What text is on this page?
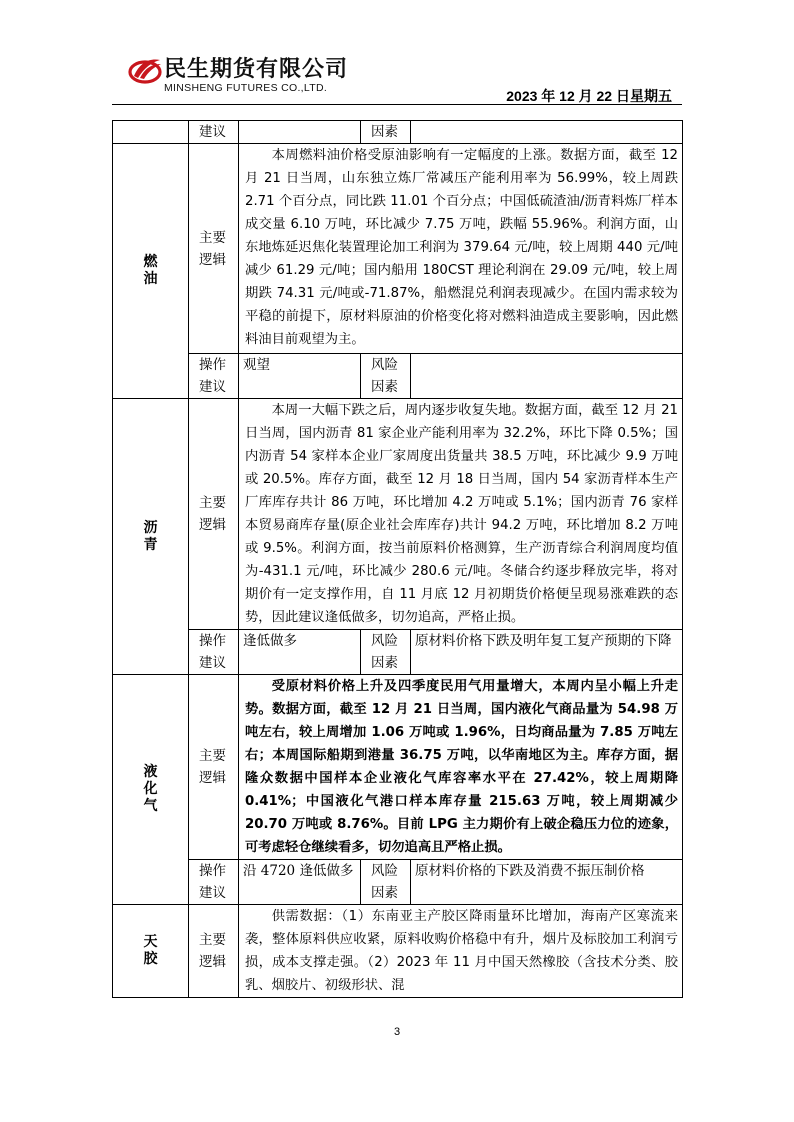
民生期货有限公司
MINSHENG FUTURES CO.,LTD.	2023 年 12 月 22 日星期五
	建议		因素	
燃油	主要逻辑	本周燃料油价格受原油影响有一定幅度的上涨。数据方面，截至 12 月 21 日当周，山东独立炼厂常减压产能利用率为 56.99%，较上周跌 2.71 个百分点，同比跌 11.01 个百分点；中国低硫渣油/沥青料炼厂样本成交量 6.10 万吨，环比减少 7.75 万吨，跌幅 55.96%。利润方面，山东地炼延迟焦化装置理论加工利润为 379.64 元/吨，较上周期 440 元/吨减少 61.29 元/吨；国内船用 180CST 理论利润在 29.09 元/吨，较上周期跌 74.31 元/吨或-71.87%，船燃混兑利润表现减少。在国内需求较为平稳的前提下，原材料原油的价格变化将对燃料油造成主要影响，因此燃料油目前观望为主。		
	操作建议	观望	风险因素	
沥青	主要逻辑	本周一大幅下跌之后，周内逐步收复失地。数据方面，截至 12 月 21 日当周，国内沥青 81 家企业产能利用率为 32.2%，环比下降 0.5%；国内沥青 54 家样本企业厂家周度出货量共 38.5 万吨，环比减少 9.9 万吨或 20.5%。库存方面，截至 12 月 18 日当周，国内 54 家沥青样本生产厂库库存共计 86 万吨，环比增加 4.2 万吨或 5.1%；国内沥青 76 家样本贸易商库存量(原企业社会库库存)共计 94.2 万吨，环比增加 8.2 万吨或 9.5%。利润方面，按当前原料价格测算，生产沥青综合利润周度均值为-431.1 元/吨，环比减少 280.6 元/吨。冬储合约逐步释放完毕，将对期价有一定支撑作用，自 11 月底 12 月初期货价格便呈现易涨难跌的态势，因此建议逢低做多，切勿追高，严格止损。		
	操作建议	逢低做多	风险因素	原材料价格下跌及明年复工复产预期的下降
液化气	主要逻辑	受原材料价格上升及四季度民用气用量增大，本周内呈小幅上升走势。数据方面，截至 12 月 21 日当周，国内液化气商品量为 54.98 万吨左右，较上周增加 1.06 万吨或 1.96%，日均商品量为 7.85 万吨左右；本周国际船期到港量 36.75 万吨，以华南地区为主。库存方面，据隆众数据中国样本企业液化气库容率水平在 27.42%，较上周期降 0.41%；中国液化气港口样本库存量 215.63 万吨，较上周期减少 20.70 万吨或 8.76%。目前 LPG 主力期价有上破企稳压力位的迹象，可考虑轻仓继续看多，切勿追高且严格止损。		
	操作建议	沿 4720 逢低做多	风险因素	原材料价格的下跌及消费不振压制价格
天胶	主要逻辑	供需数据：（1）东南亚主产胶区降雨量环比增加，海南产区寒流来袭，整体原料供应收紧，原料收购价格稳中有升，烟片及标胶加工利润亏损，成本支撑走强。（2）2023 年 11 月中国天然橡胶（含技术分类、胶乳、烟胶片、初级形状、混		
3
